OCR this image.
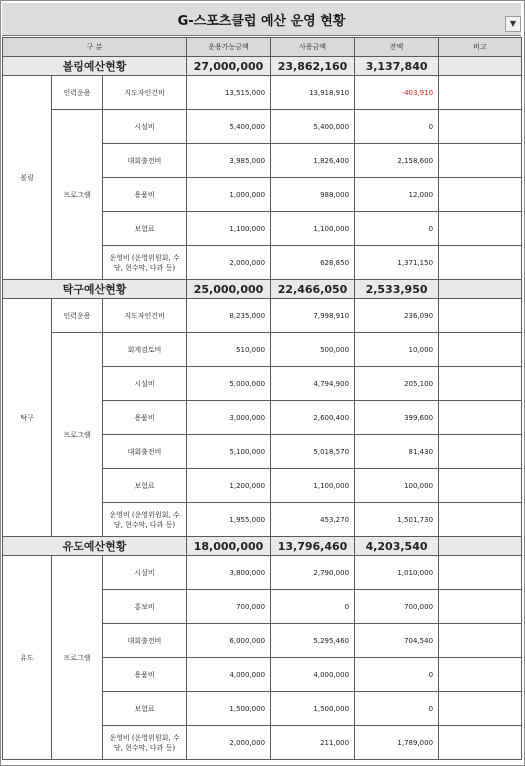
G-스포츠클럽 예산 운영 현황	▼
구 분			운용가능금액	사용금액	잔액	비고
볼링예산현황			27,000,000	23,862,160	3,137,840	
볼링	인력운용	지도자인건비	13,515,000	13,918,910	-403,910	
	프로그램	시설비	5,400,000	5,400,000	0	
		대회출전비	3,985,000	1,826,400	2,158,600	
		용품비	1,000,000	988,000	12,000	
		보험료	1,100,000	1,100,000	0	
		운영비 (운영위원회, 수당, 현수막, 다과 등)	2,000,000	628,850	1,371,150	
탁구예산현황			25,000,000	22,466,050	2,533,950	
탁구	인력운용	지도자인건비	8,235,000	7,998,910	236,090	
	프로그램	회계검토비	510,000	500,000	10,000	
		시설비	5,000,000	4,794,900	205,100	
		용품비	3,000,000	2,600,400	399,600	
		대회출전비	5,100,000	5,018,570	81,430	
		보험료	1,200,000	1,100,000	100,000	
		운영비 (운영위원회, 수당, 현수막, 다과 등)	1,955,000	453,270	1,501,730	
유도예산현황			18,000,000	13,796,460	4,203,540	
유도	프로그램	시설비	3,800,000	2,790,000	1,010,000	
		홍보비	700,000	0	700,000	
		대회출전비	6,000,000	5,295,460	704,540	
		용품비	4,000,000	4,000,000	0	
		보험료	1,500,000	1,500,000	0	
		운영비 (운영위원회, 수당, 현수막, 다과 등)	2,000,000	211,000	1,789,000	
